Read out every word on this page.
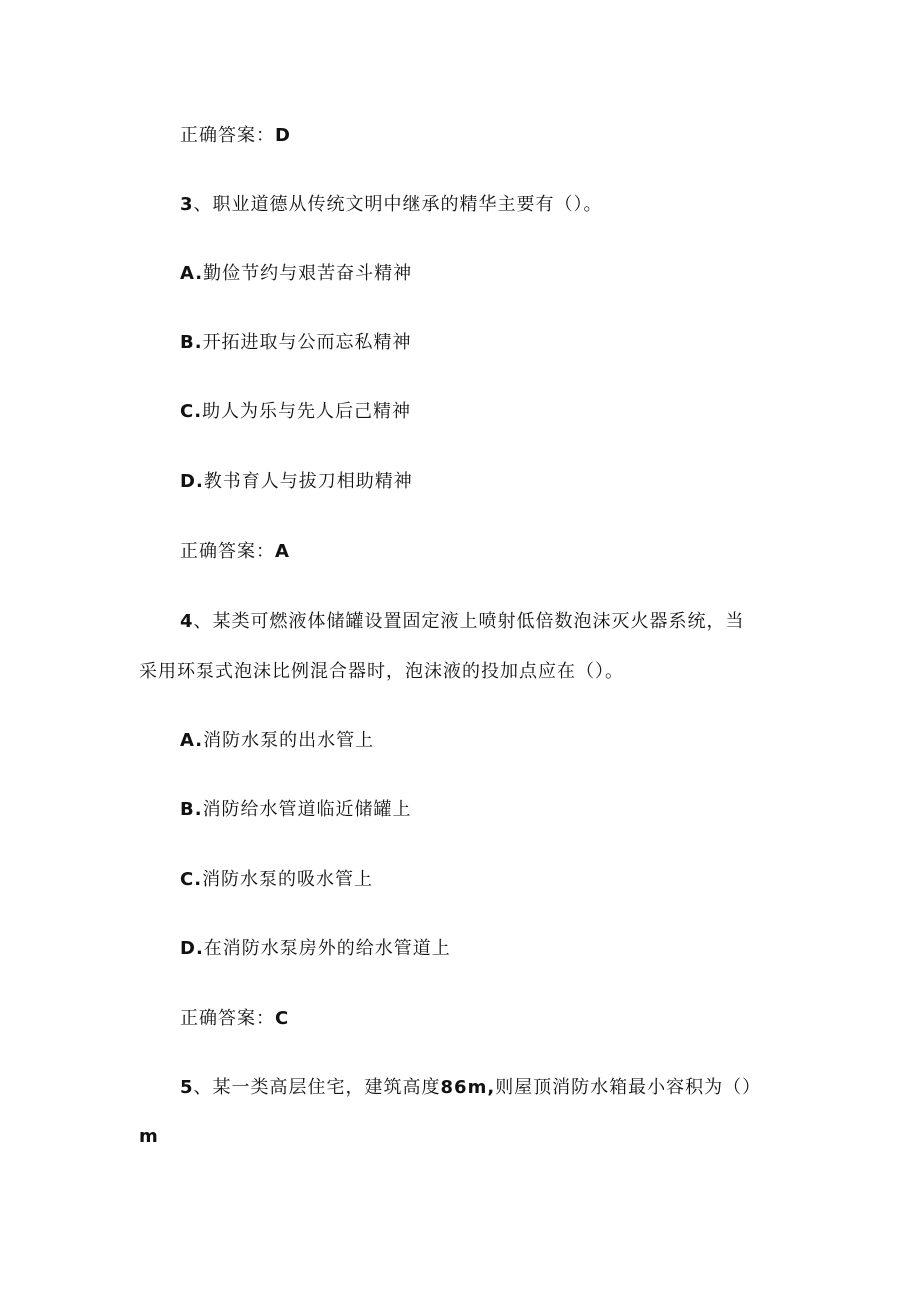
正确答案：D
3、职业道德从传统文明中继承的精华主要有（）。
A.勤俭节约与艰苦奋斗精神
B.开拓进取与公而忘私精神
C.助人为乐与先人后己精神
D.教书育人与拔刀相助精神
正确答案：A
4、某类可燃液体储罐设置固定液上喷射低倍数泡沫灭火器系统，当
采用环泵式泡沫比例混合器时，泡沫液的投加点应在（）。
A.消防水泵的出水管上
B.消防给水管道临近储罐上
C.消防水泵的吸水管上
D.在消防水泵房外的给水管道上
正确答案：C
5、某一类高层住宅，建筑高度86m,则屋顶消防水箱最小容积为（）
m
